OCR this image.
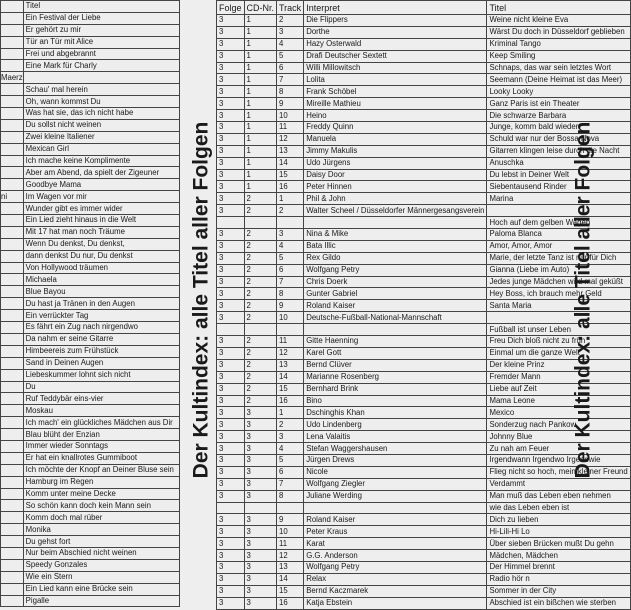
	Titel
	Ein Festival der Liebe
	Er gehört zu mir
	Tür an Tür mit Alice
	Frei und abgebrannt
	Eine Mark für Charly
Maerz	
	Schau' mal herein
	Oh, wann kommst Du
	Was hat sie, das ich nicht habe
	Du sollst nicht weinen
	Zwei kleine Italiener
	Mexican Girl
	Ich mache keine Komplimente
	Aber am Abend, da spielt der Zigeuner
	Goodbye Mama
ni	Im Wagen vor mir
	Wunder gibt es immer wider
	Ein Lied zieht hinaus in die Welt
	Mit 17 hat man noch Träume
	Wenn Du denkst, Du denkst,
	dann denkst Du nur, Du denkst
	Von Hollywood träumen
	Michaela
	Blue Bayou
	Du hast ja Tränen in den Augen
	Ein verrückter Tag
	Es fährt ein Zug nach nirgendwo
	Da nahm er seine Gitarre
	Himbeereis zum Frühstück
	Sand in Deinen Augen
	Liebeskummer lohnt sich nicht
	Du
	Ruf Teddybär eins-vier
	Moskau
	Ich mach' ein glückliches Mädchen aus Dir
	Blau blüht der Enzian
	Immer wieder Sonntags
	Er hat ein knallrotes Gummiboot
	Ich möchte der Knopf an Deiner Bluse sein
	Hamburg im Regen
	Komm unter meine Decke
	So schön kann doch kein Mann sein
	Komm doch mal rüber
	Monika
	Du gehst fort
	Nur beim Abschied nicht weinen
	Speedy Gonzales
	Wie ein Stern
	Ein Lied kann eine Brücke sein
	Pigalle
Der Kultindex: alle Titel aller Folgen
Folge	CD-Nr.	Track	Interpret	Titel
3	1	2	Die Flippers	Weine nicht kleine Eva
3	1	3	Dorthe	Wärst Du doch in Düsseldorf geblieben
3	1	4	Hazy Osterwald	Kriminal Tango
3	1	5	Drafi Deutscher Sextett	Keep Smiling
3	1	6	Willi Millowitsch	Schnaps, das war sein letztes Wort
3	1	7	Lolita	Seemann (Deine Heimat ist das Meer)
3	1	8	Frank Schöbel	Looky Looky
3	1	9	Mireille Mathieu	Ganz Paris ist ein Theater
3	1	10	Heino	Die schwarze Barbara
3	1	11	Freddy Quinn	Junge, komm bald wieder
3	1	12	Manuela	Schuld war nur der Bossa Nova
3	1	13	Jimmy Makulis	Gitarren klingen leise durch die Nacht
3	1	14	Udo Jürgens	Anuschka
3	1	15	Daisy Door	Du lebst in Deiner Welt
3	1	16	Peter Hinnen	Siebentausend Rinder
3	2	1	Phil & John	Marina
3	2	2	Walter Scheel / Düsseldorfer Männergesangsverein	
				Hoch auf dem gelben Wagen
3	2	3	Nina & Mike	Paloma Blanca
3	2	4	Bata Illic	Amor, Amor, Amor
3	2	5	Rex Gildo	Marie, der letzte Tanz ist nur für Dich
3	2	6	Wolfgang Petry	Gianna (Liebe im Auto)
3	2	7	Chris Doerk	Jedes junge Mädchen wird mal geküßt
3	2	8	Gunter Gabriel	Hey Boss, ich brauch mehr Geld
3	2	9	Roland Kaiser	Santa Maria
3	2	10	Deutsche-Fußball-National-Mannschaft	
				Fußball ist unser Leben
3	2	11	Gitte Haenning	Freu Dich bloß nicht zu früh
3	2	12	Karel Gott	Einmal um die ganze Welt
3	2	13	Bernd Clüver	Der kleine Prinz
3	2	14	Marianne Rosenberg	Fremder Mann
3	2	15	Bernhard Brink	Liebe auf Zeit
3	2	16	Bino	Mama Leone
3	3	1	Dschinghis Khan	Mexico
3	3	2	Udo Lindenberg	Sonderzug nach Pankow
3	3	3	Lena Valaitis	Johnny Blue
3	3	4	Stefan Waggershausen	Zu nah am Feuer
3	3	5	Jürgen Drews	Irgendwann Irgendwo Irgendwie
3	3	6	Nicole	Flieg nicht so hoch, mein kleiner Freund
3	3	7	Wolfgang Ziegler	Verdammt
3	3	8	Juliane Werding	Man muß das Leben eben nehmen
				wie das Leben eben ist
3	3	9	Roland Kaiser	Dich zu lieben
3	3	10	Peter Kraus	Hi-Lili-Hi Lo
3	3	11	Karat	Über sieben Brücken mußt Du gehn
3	3	12	G.G. Anderson	Mädchen, Mädchen
3	3	13	Wolfgang Petry	Der Himmel brennt
3	3	14	Relax	Radio hör n
3	3	15	Bernd Kaczmarek	Sommer in der City
3	3	16	Katja Ebstein	Abschied ist ein bißchen wie sterben
Der Kultindex: alle Titel aller Folgen
